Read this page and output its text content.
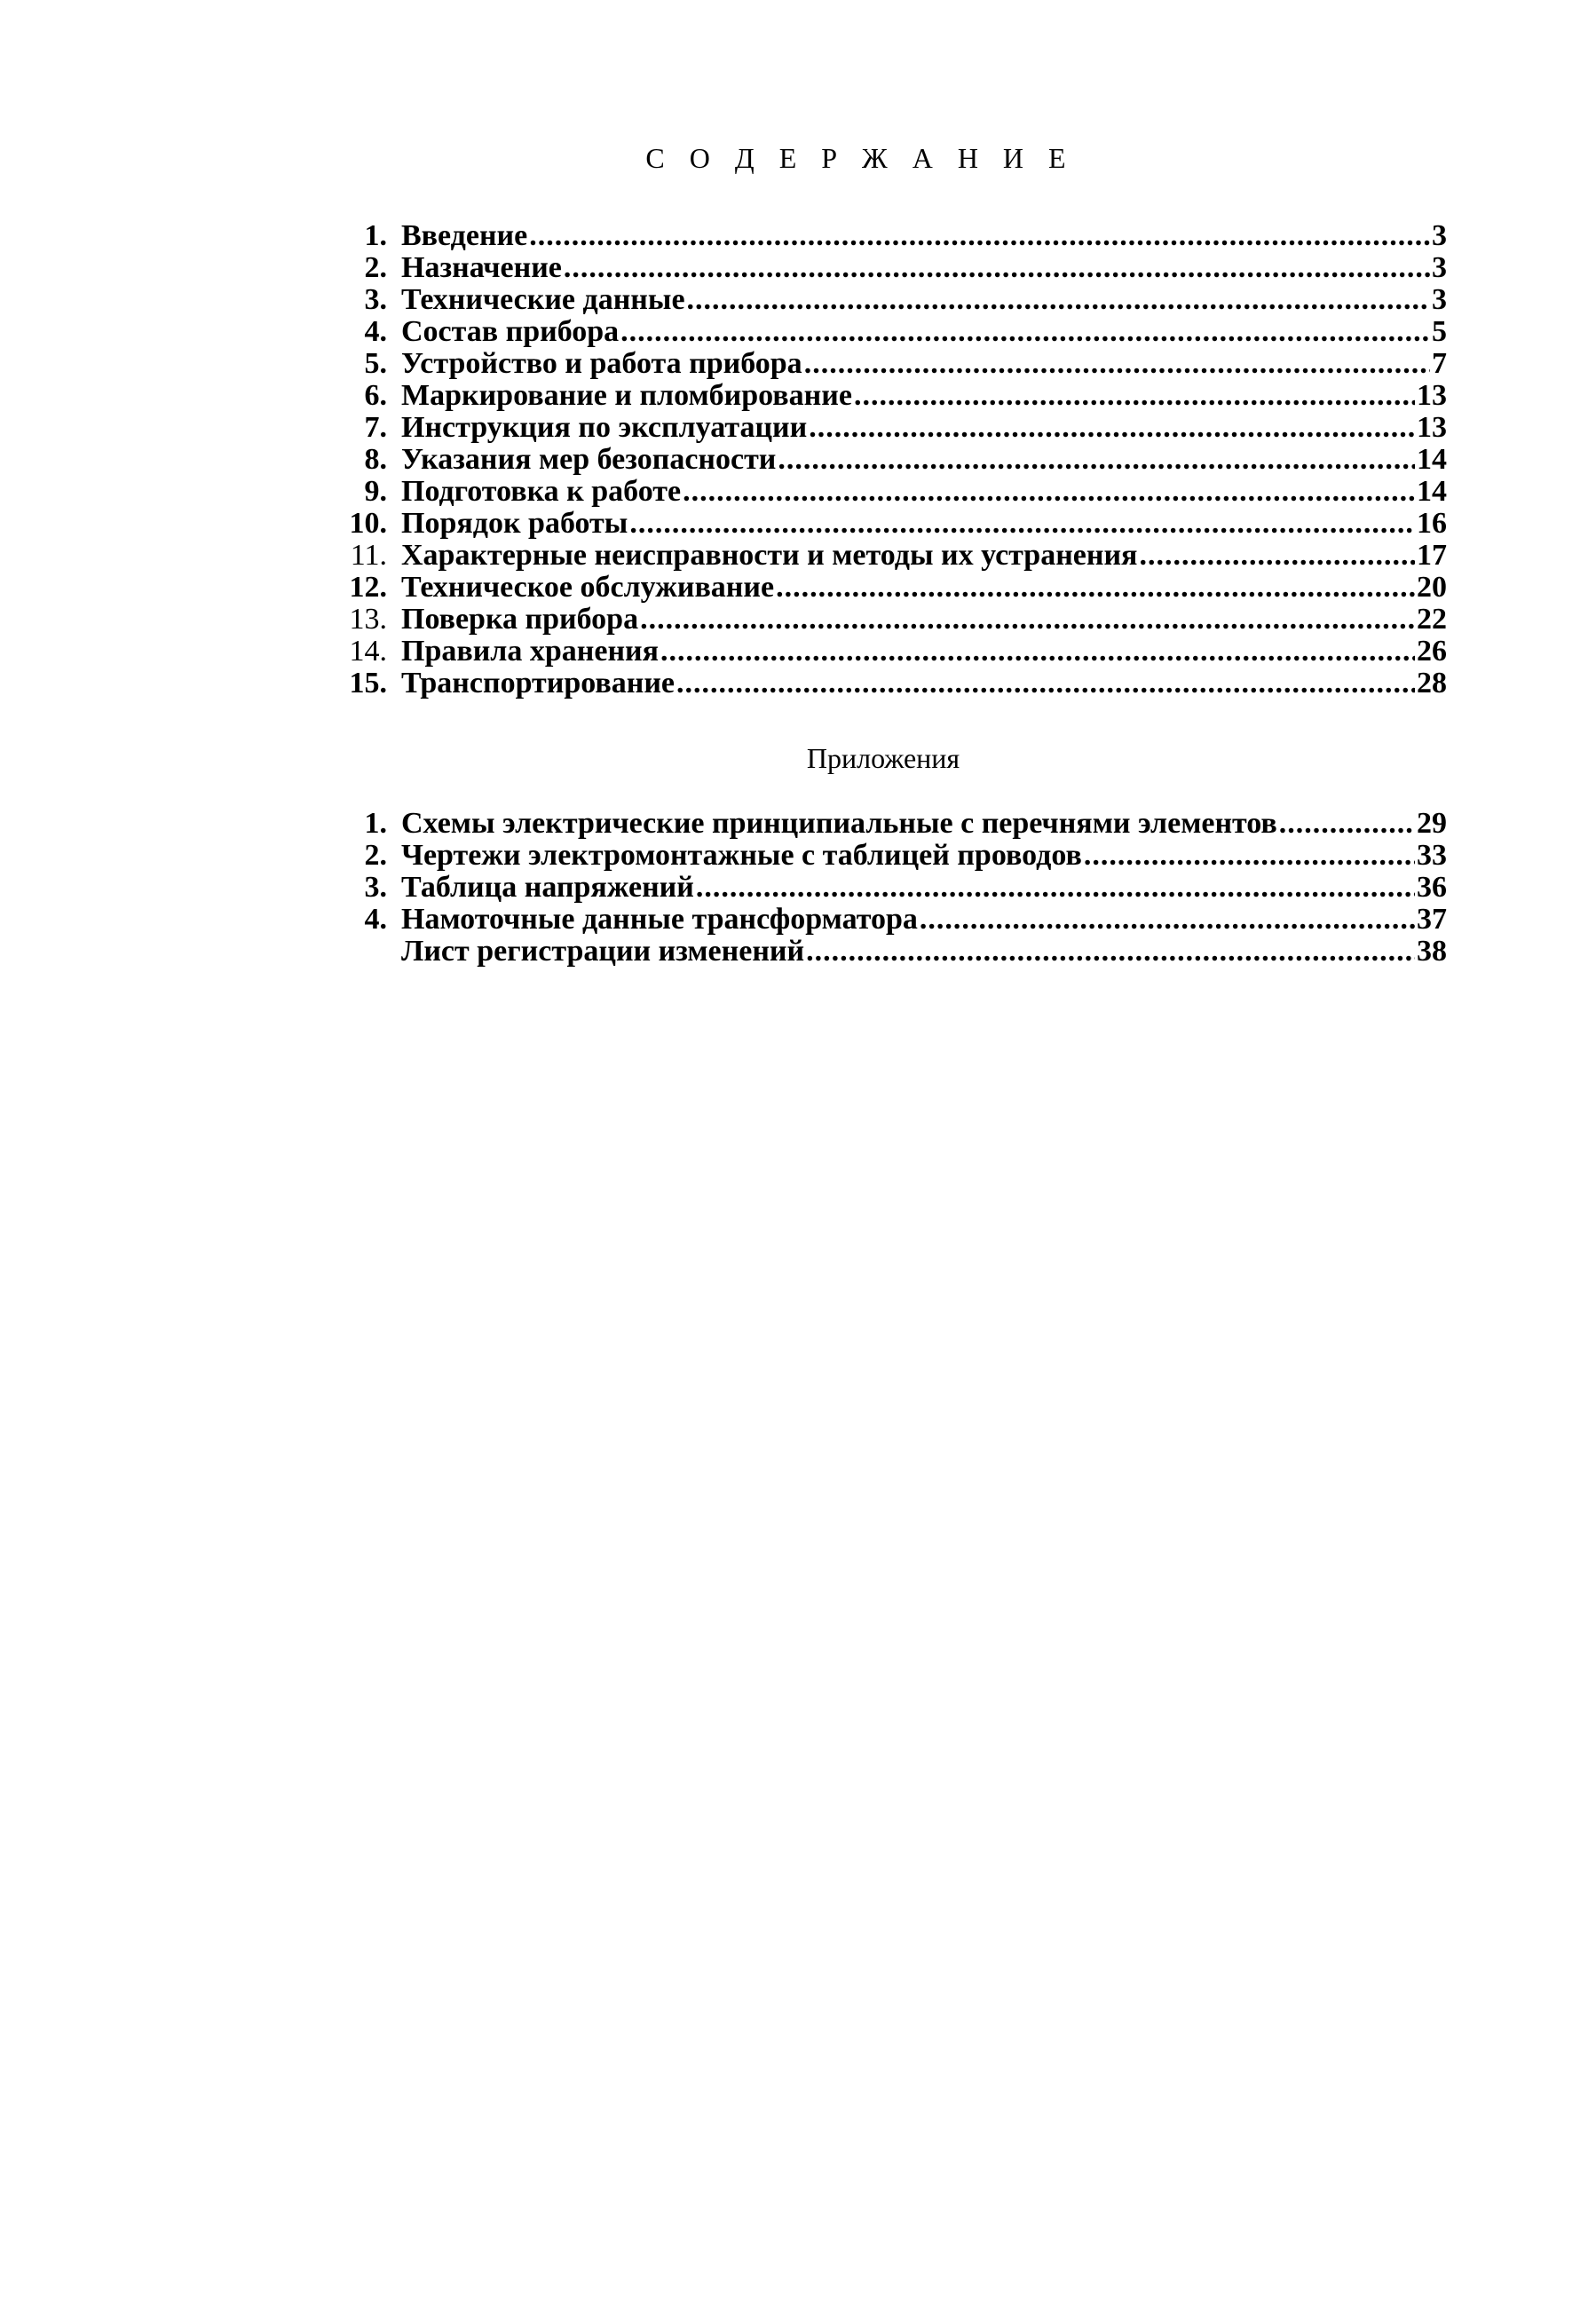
С О Д Е Р Ж А Н И Е
1. Введение .....	3
2. Назначение .....	3
3. Технические данные .....	3
4. Состав прибора .....	5
5. Устройство и работа прибора .....	7
6. Маркирование и пломбирование .....	13
7. Инструкция по эксплуатации .....	13
8. Указания мер безопасности .....	14
9. Подготовка к работе .....	14
10. Порядок работы .....	16
11. Характерные неисправности и методы их устранения .....	17
12. Техническое обслуживание .....	20
13. Поверка прибора .....	22
14. Правила хранения .....	26
15. Транспортирование .....	28
Приложения
1. Схемы электрические принципиальные с перечнями элементов .....	29
2. Чертежи электромонтажные с таблицей проводов .....	33
3. Таблица напряжений .....	36
4. Намоточные данные трансформатора .....	37
Лист регистрации изменений .....	38
